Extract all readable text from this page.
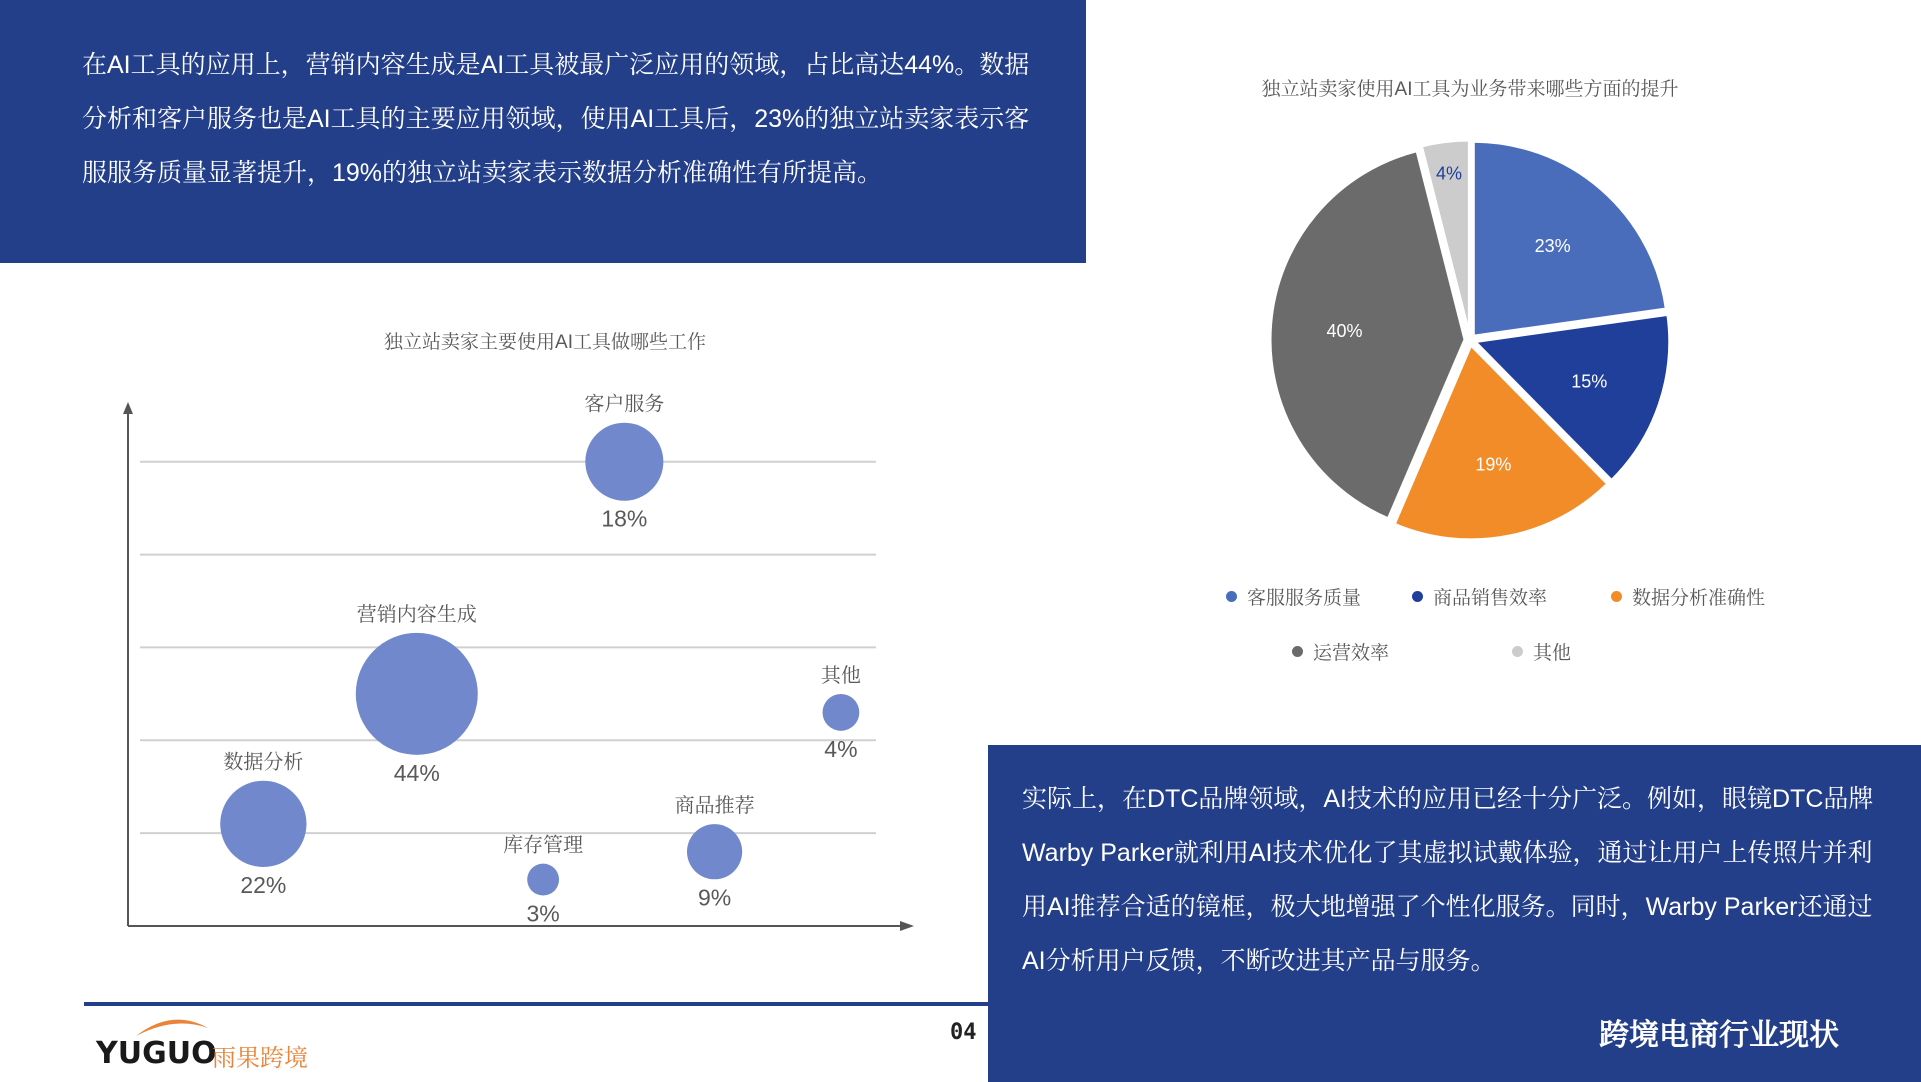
在AI工具的应用上，营销内容生成是AI工具被最广泛应用的领域，占比高达44%。数据分析和客户服务也是AI工具的主要应用领域，使用AI工具后，23%的独立站卖家表示客服服务质量显著提升，19%的独立站卖家表示数据分析准确性有所提高。

独立站卖家主要使用AI工具做哪些工作

客户服务
18%
营销内容生成
44%
其他
4%
数据分析
22%
商品推荐
9%
库存管理
3%

独立站卖家使用AI工具为业务带来哪些方面的提升

23%
15%
19%
40%
4%
客服服务质量	商品销售效率	数据分析准确性
运营效率	其他

实际上，在DTC品牌领域，AI技术的应用已经十分广泛。例如，眼镜DTC品牌Warby Parker就利用AI技术优化了其虚拟试戴体验，通过让用户上传照片并利用AI推荐合适的镜框，极大地增强了个性化服务。同时，Warby Parker还通过AI分析用户反馈，不断改进其产品与服务。

跨境电商行业现状
04
YUGUO
雨果跨境
